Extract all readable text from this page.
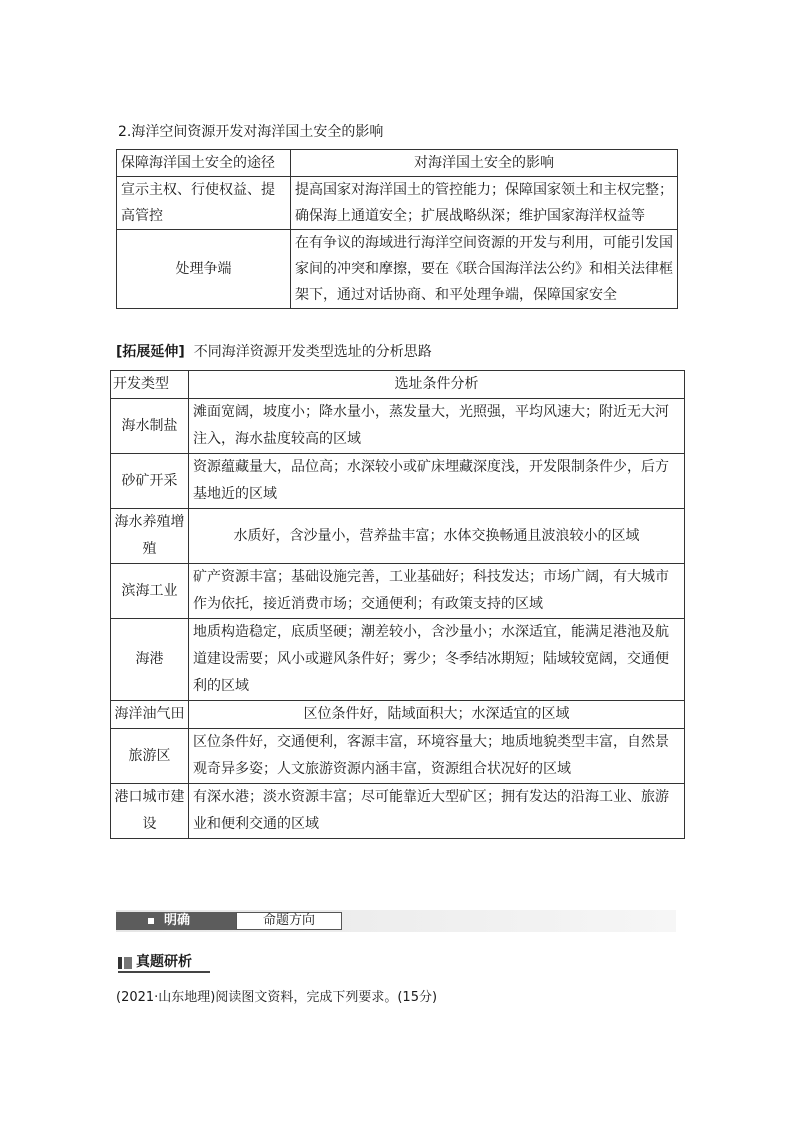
2.海洋空间资源开发对海洋国土安全的影响
保障海洋国土安全的途径	对海洋国土安全的影响
宣示主权、行使权益、提高管控	提高国家对海洋国土的管控能力；保障国家领土和主权完整；确保海上通道安全；扩展战略纵深；维护国家海洋权益等
处理争端	在有争议的海域进行海洋空间资源的开发与利用，可能引发国家间的冲突和摩擦，要在《联合国海洋法公约》和相关法律框架下，通过对话协商、和平处理争端，保障国家安全
[拓展延伸] 不同海洋资源开发类型选址的分析思路
开发类型	选址条件分析
海水制盐	滩面宽阔，坡度小；降水量小，蒸发量大，光照强，平均风速大；附近无大河注入，海水盐度较高的区域
砂矿开采	资源蕴藏量大，品位高；水深较小或矿床埋藏深度浅，开发限制条件少，后方基地近的区域
海水养殖增殖	水质好，含沙量小，营养盐丰富；水体交换畅通且波浪较小的区域
滨海工业	矿产资源丰富；基础设施完善，工业基础好；科技发达；市场广阔，有大城市作为依托，接近消费市场；交通便利；有政策支持的区域
海港	地质构造稳定，底质坚硬；潮差较小，含沙量小；水深适宜，能满足港池及航道建设需要；风小或避风条件好；雾少；冬季结冰期短；陆域较宽阔，交通便利的区域
海洋油气田	区位条件好，陆域面积大；水深适宜的区域
旅游区	区位条件好，交通便利，客源丰富，环境容量大；地质地貌类型丰富，自然景观奇异多姿；人文旅游资源内涵丰富，资源组合状况好的区域
港口城市建设	有深水港；淡水资源丰富；尽可能靠近大型矿区；拥有发达的沿海工业、旅游业和便利交通的区域
明确	命题方向
真题研析
(2021·山东地理)阅读图文资料，完成下列要求。(15分)
